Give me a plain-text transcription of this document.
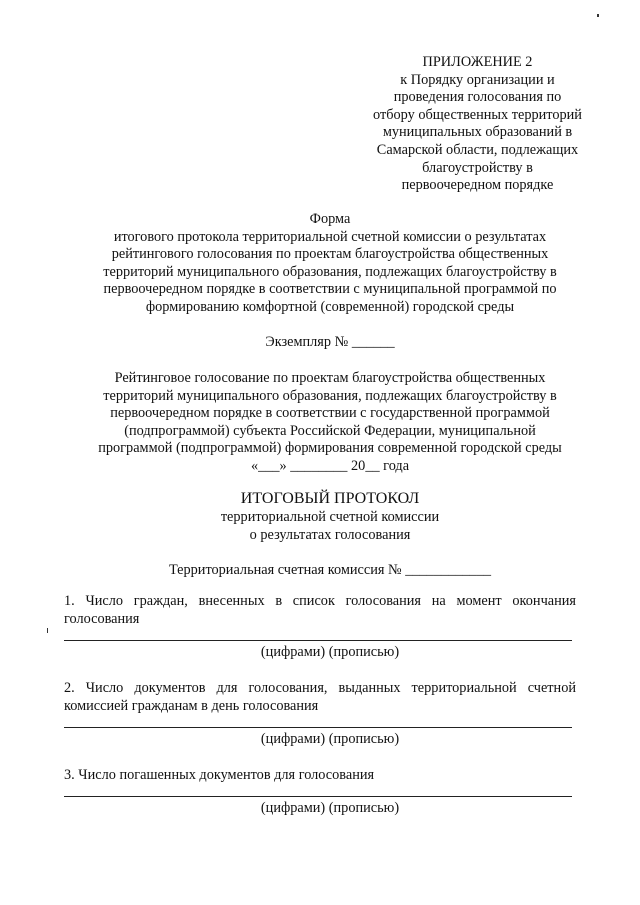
ПРИЛОЖЕНИЕ 2
к Порядку организации и
проведения голосования по
отбору общественных территорий
муниципальных образований в
Самарской области, подлежащих
благоустройству в
первоочередном порядке
Форма
итогового протокола территориальной счетной комиссии о результатах
рейтингового голосования по проектам благоустройства общественных
территорий муниципального образования, подлежащих благоустройству в
первоочередном порядке в соответствии с муниципальной программой по
формированию комфортной (современной) городской среды
Экземпляр № ______
Рейтинговое голосование по проектам благоустройства общественных
территорий муниципального образования, подлежащих благоустройству в
первоочередном порядке в соответствии с государственной программой
(подпрограммой) субъекта Российской Федерации, муниципальной
программой (подпрограммой) формирования современной городской среды
«___» ________ 20__ года
ИТОГОВЫЙ ПРОТОКОЛ
территориальной счетной комиссии
о результатах голосования
Территориальная счетная комиссия № ____________
1. Число граждан, внесенных в список голосования на момент окончания голосования
(цифрами) (прописью)
2. Число документов для голосования, выданных территориальной счетной комиссией гражданам в день голосования
(цифрами) (прописью)
3. Число погашенных документов для голосования
(цифрами) (прописью)
